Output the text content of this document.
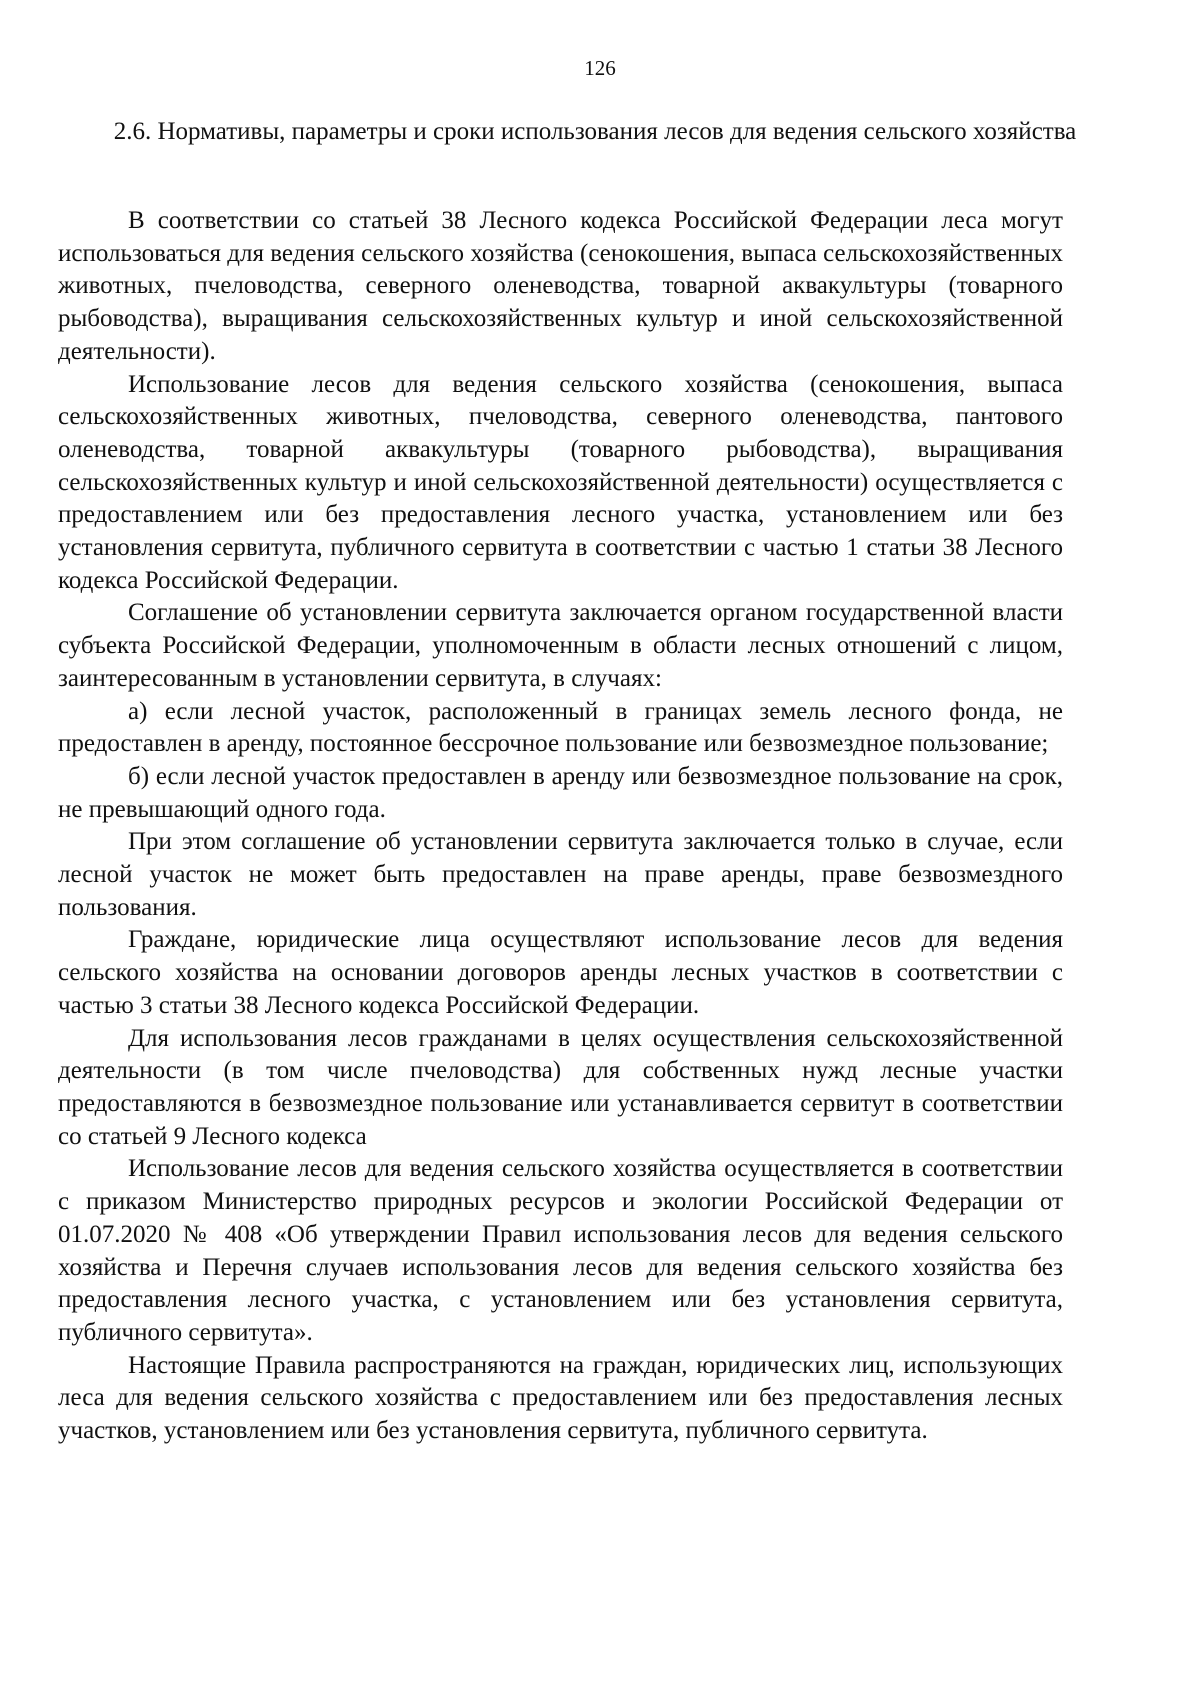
126
2.6. Нормативы, параметры и сроки использования лесов для ведения сельского хозяйства

В соответствии со статьей 38 Лесного кодекса Российской Федерации леса могут использоваться для ведения сельского хозяйства (сенокошения, выпаса сельскохозяйственных животных, пчеловодства, северного оленеводства, товарной аквакультуры (товарного рыбоводства), выращивания сельскохозяйственных культур и иной сельскохозяйственной деятельности).

Использование лесов для ведения сельского хозяйства (сенокошения, выпаса сельскохозяйственных животных, пчеловодства, северного оленеводства, пантового оленеводства, товарной аквакультуры (товарного рыбоводства), выращивания сельскохозяйственных культур и иной сельскохозяйственной деятельности) осуществляется с предоставлением или без предоставления лесного участка, установлением или без установления сервитута, публичного сервитута в соответствии с частью 1 статьи 38 Лесного кодекса Российской Федерации.

Соглашение об установлении сервитута заключается органом государственной власти субъекта Российской Федерации, уполномоченным в области лесных отношений с лицом, заинтересованным в установлении сервитута, в случаях:

а) если лесной участок, расположенный в границах земель лесного фонда, не предоставлен в аренду, постоянное бессрочное пользование или безвозмездное пользование;

б) если лесной участок предоставлен в аренду или безвозмездное пользование на срок, не превышающий одного года.

При этом соглашение об установлении сервитута заключается только в случае, если лесной участок не может быть предоставлен на праве аренды, праве безвозмездного пользования.

Граждане, юридические лица осуществляют использование лесов для ведения сельского хозяйства на основании договоров аренды лесных участков в соответствии с частью 3 статьи 38 Лесного кодекса Российской Федерации.

Для использования лесов гражданами в целях осуществления сельскохозяйственной деятельности (в том числе пчеловодства) для собственных нужд лесные участки предоставляются в безвозмездное пользование или устанавливается сервитут в соответствии со статьей 9 Лесного кодекса

Использование лесов для ведения сельского хозяйства осуществляется в соответствии с приказом Министерство природных ресурсов и экологии Российской Федерации от 01.07.2020 № 408 «Об утверждении Правил использования лесов для ведения сельского хозяйства и Перечня случаев использования лесов для ведения сельского хозяйства без предоставления лесного участка, с установлением или без установления сервитута, публичного сервитута».

Настоящие Правила распространяются на граждан, юридических лиц, использующих леса для ведения сельского хозяйства с предоставлением или без предоставления лесных участков, установлением или без установления сервитута, публичного сервитута.
